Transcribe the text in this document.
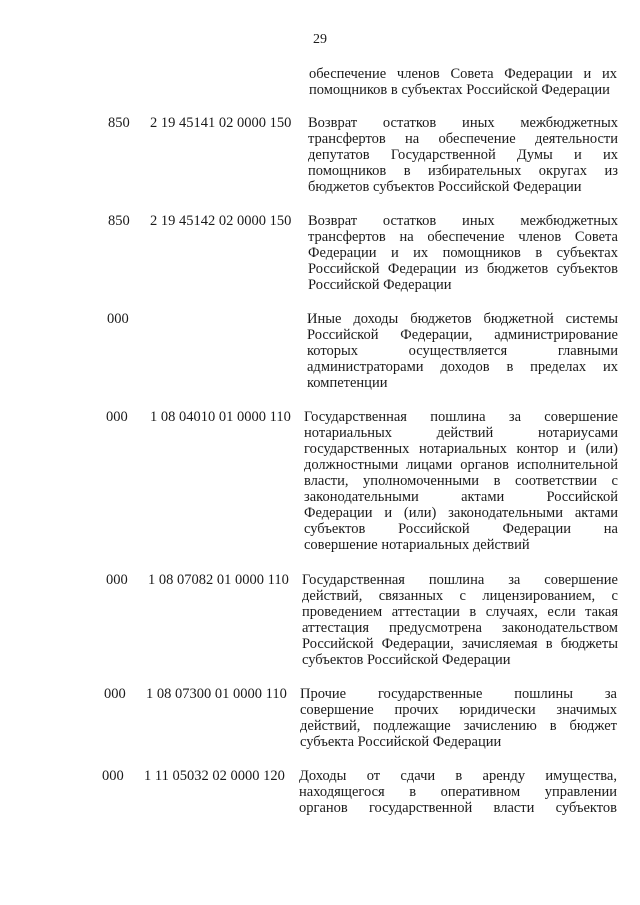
29
обеспечение членов Совета Федерации и их
помощников в субъектах Российской Федерации
850 2 19 45141 02 0000 150 Возврат остатков иных межбюджетных
трансфертов на обеспечение деятельности
депутатов Государственной Думы и их
помощников в избирательных округах из
бюджетов субъектов Российской Федерации
850 2 19 45142 02 0000 150 Возврат остатков иных межбюджетных
трансфертов на обеспечение членов Совета
Федерации и их помощников в субъектах
Российской Федерации из бюджетов субъектов
Российской Федерации
000	Иные доходы бюджетов бюджетной системы
Российской Федерации, администрирование
которых осуществляется главными
администраторами доходов в пределах их
компетенции
000 1 08 04010 01 0000 110 Государственная пошлина за совершение
нотариальных действий нотариусами
государственных нотариальных контор и (или)
должностными лицами органов исполнительной
власти, уполномоченными в соответствии с
законодательными актами Российской
Федерации и (или) законодательными актами
субъектов Российской Федерации на
совершение нотариальных действий
000 1 08 07082 01 0000 110 Государственная пошлина за совершение
действий, связанных с лицензированием, с
проведением аттестации в случаях, если такая
аттестация предусмотрена законодательством
Российской Федерации, зачисляемая в бюджеты
субъектов Российской Федерации
000 1 08 07300 01 0000 110 Прочие государственные пошлины за
совершение прочих юридически значимых
действий, подлежащие зачислению в бюджет
субъекта Российской Федерации
000 1 11 05032 02 0000 120 Доходы от сдачи в аренду имущества,
находящегося в оперативном управлении
органов государственной власти субъектов
